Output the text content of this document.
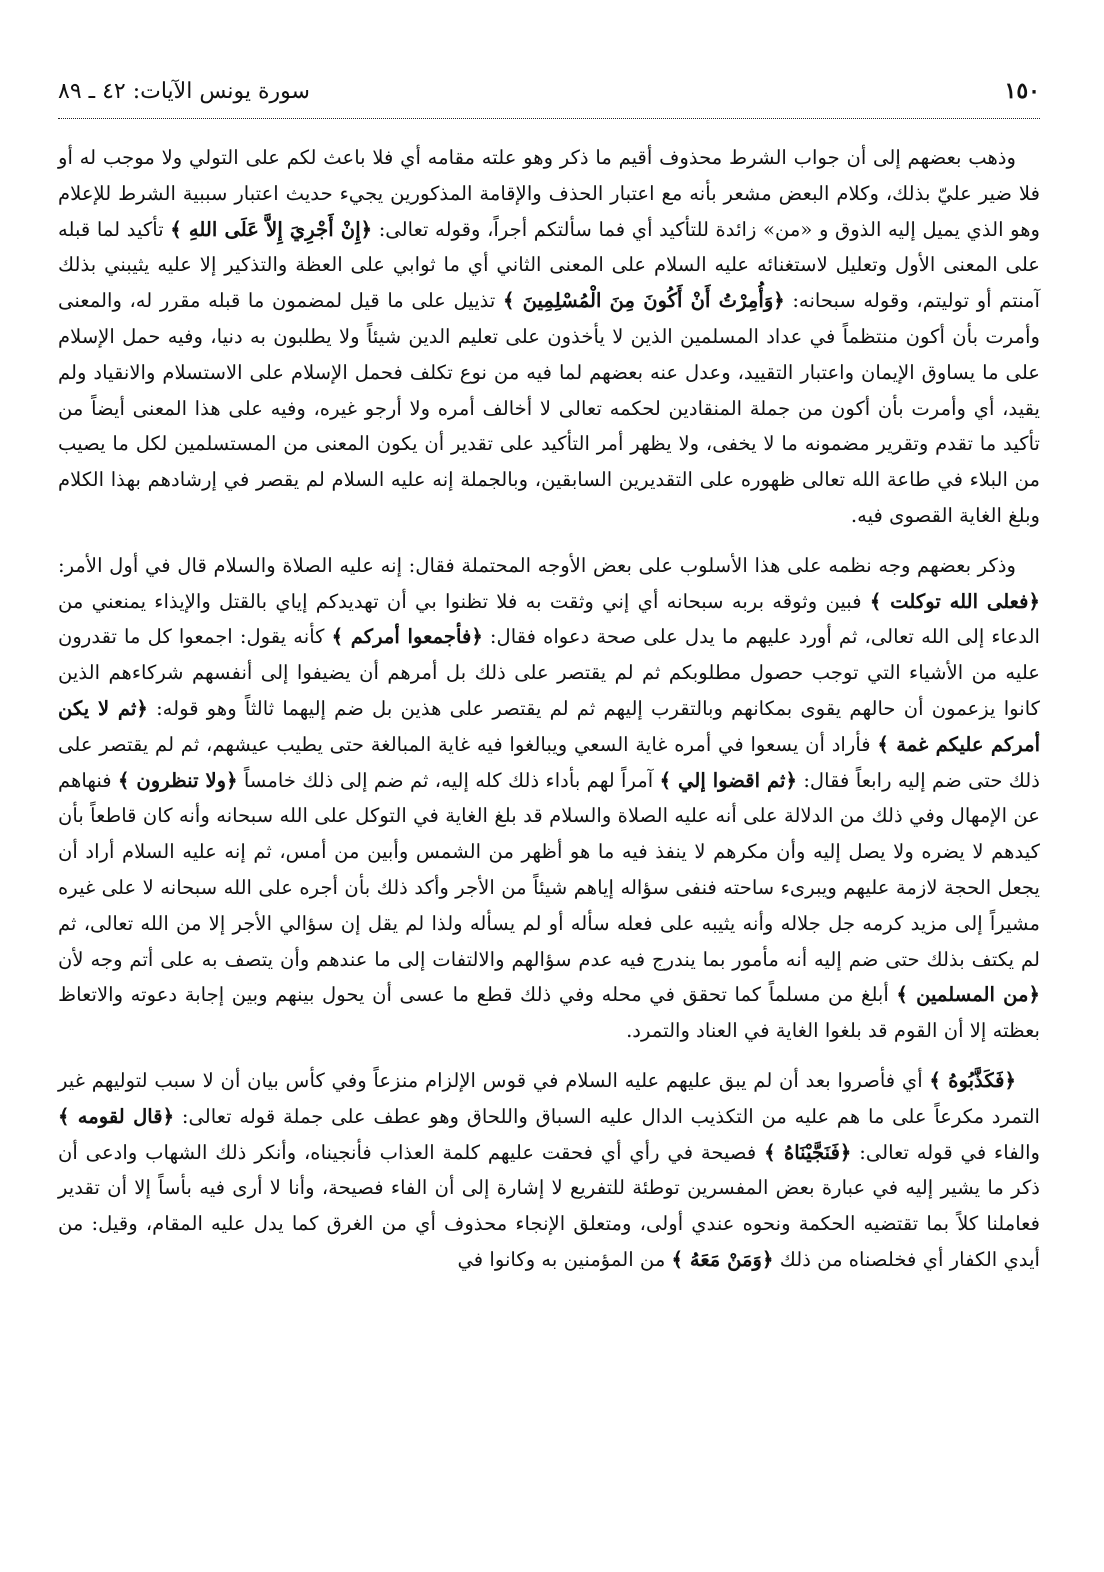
١٥٠
سورة يونس الآيات: ٤٢ ـ ٨٩

وذهب بعضهم إلى أن جواب الشرط محذوف أقيم ما ذكر وهو علته مقامه أي فلا باعث لكم على التولي ولا موجب له أو فلا ضير عليّ بذلك، وكلام البعض مشعر بأنه مع اعتبار الحذف والإقامة المذكورين يجيء حديث اعتبار سببية الشرط للإعلام وهو الذي يميل إليه الذوق و «من» زائدة للتأكيد أي فما سألتكم أجراً، وقوله تعالى: ﴿إِنْ أَجْرِيَ إِلاَّ عَلَى اللهِ ﴾ تأكيد لما قبله على المعنى الأول وتعليل لاستغنائه عليه السلام على المعنى الثاني أي ما ثوابي على العظة والتذكير إلا عليه يثيبني بذلك آمنتم أو توليتم، وقوله سبحانه: ﴿وَأُمِرْتُ أَنْ أَكُونَ مِنَ الْمُسْلِمِينَ ﴾ تذييل على ما قيل لمضمون ما قبله مقرر له، والمعنى وأمرت بأن أكون منتظماً في عداد المسلمين الذين لا يأخذون على تعليم الدين شيئاً ولا يطلبون به دنيا، وفيه حمل الإسلام على ما يساوق الإيمان واعتبار التقييد، وعدل عنه بعضهم لما فيه من نوع تكلف فحمل الإسلام على الاستسلام والانقياد ولم يقيد، أي وأمرت بأن أكون من جملة المنقادين لحكمه تعالى لا أخالف أمره ولا أرجو غيره، وفيه على هذا المعنى أيضاً من تأكيد ما تقدم وتقرير مضمونه ما لا يخفى، ولا يظهر أمر التأكيد على تقدير أن يكون المعنى من المستسلمين لكل ما يصيب من البلاء في طاعة الله تعالى ظهوره على التقديرين السابقين، وبالجملة إنه عليه السلام لم يقصر في إرشادهم بهذا الكلام وبلغ الغاية القصوى فيه.

وذكر بعضهم وجه نظمه على هذا الأسلوب على بعض الأوجه المحتملة فقال: إنه عليه الصلاة والسلام قال في أول الأمر: ﴿فعلى الله توكلت ﴾ فبين وثوقه بربه سبحانه أي إني وثقت به فلا تظنوا بي أن تهديدكم إياي بالقتل والإيذاء يمنعني من الدعاء إلى الله تعالى، ثم أورد عليهم ما يدل على صحة دعواه فقال: ﴿فأجمعوا أمركم ﴾ كأنه يقول: اجمعوا كل ما تقدرون عليه من الأشياء التي توجب حصول مطلوبكم ثم لم يقتصر على ذلك بل أمرهم أن يضيفوا إلى أنفسهم شركاءهم الذين كانوا يزعمون أن حالهم يقوى بمكانهم وبالتقرب إليهم ثم لم يقتصر على هذين بل ضم إليهما ثالثاً وهو قوله: ﴿ثم لا يكن أمركم عليكم غمة ﴾ فأراد أن يسعوا في أمره غاية السعي ويبالغوا فيه غاية المبالغة حتى يطيب عيشهم، ثم لم يقتصر على ذلك حتى ضم إليه رابعاً فقال: ﴿ثم اقضوا إلي ﴾ آمراً لهم بأداء ذلك كله إليه، ثم ضم إلى ذلك خامساً ﴿ولا تنظرون ﴾ فنهاهم عن الإمهال وفي ذلك من الدلالة على أنه عليه الصلاة والسلام قد بلغ الغاية في التوكل على الله سبحانه وأنه كان قاطعاً بأن كيدهم لا يضره ولا يصل إليه وأن مكرهم لا ينفذ فيه ما هو أظهر من الشمس وأبين من أمس، ثم إنه عليه السلام أراد أن يجعل الحجة لازمة عليهم ويبرىء ساحته فنفى سؤاله إياهم شيئاً من الأجر وأكد ذلك بأن أجره على الله سبحانه لا على غيره مشيراً إلى مزيد كرمه جل جلاله وأنه يثيبه على فعله سأله أو لم يسأله ولذا لم يقل إن سؤالي الأجر إلا من الله تعالى، ثم لم يكتف بذلك حتى ضم إليه أنه مأمور بما يندرج فيه عدم سؤالهم والالتفات إلى ما عندهم وأن يتصف به على أتم وجه لأن ﴿من المسلمين ﴾ أبلغ من مسلماً كما تحقق في محله وفي ذلك قطع ما عسى أن يحول بينهم وبين إجابة دعوته والاتعاظ بعظته إلا أن القوم قد بلغوا الغاية في العناد والتمرد.

﴿فَكَذَّبُوهُ ﴾ أي فأصروا بعد أن لم يبق عليهم عليه السلام في قوس الإلزام منزعاً وفي كأس بيان أن لا سبب لتوليهم غير التمرد مكرعاً على ما هم عليه من التكذيب الدال عليه السباق واللحاق وهو عطف على جملة قوله تعالى: ﴿قال لقومه ﴾ والفاء في قوله تعالى: ﴿فَنَجَّيْنَاهُ ﴾ فصيحة في رأي أي فحقت عليهم كلمة العذاب فأنجيناه، وأنكر ذلك الشهاب وادعى أن ذكر ما يشير إليه في عبارة بعض المفسرين توطئة للتفريع لا إشارة إلى أن الفاء فصيحة، وأنا لا أرى فيه بأساً إلا أن تقدير فعاملنا كلاً بما تقتضيه الحكمة ونحوه عندي أولى، ومتعلق الإنجاء محذوف أي من الغرق كما يدل عليه المقام، وقيل: من أيدي الكفار أي فخلصناه من ذلك ﴿وَمَنْ مَعَهُ ﴾ من المؤمنين به وكانوا في
